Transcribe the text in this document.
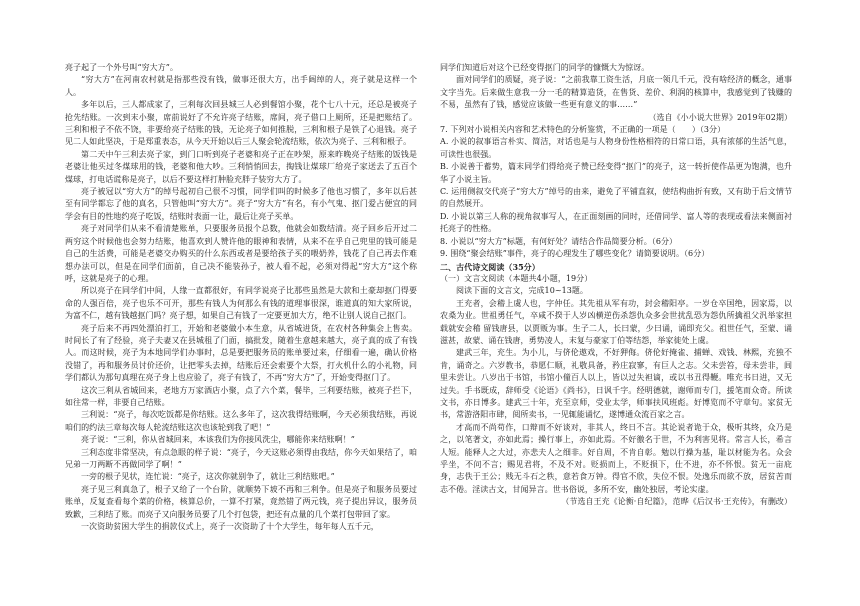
亮子起了一个外号叫“穷大方”。

“穷大方”在河南农村就是指那些没有钱，做事还很大方，出手阔绰的人，亮子就是这样一个人。

多年以后，三人都成家了，三利每次回县城三人必到餐馆小聚，花个七八十元，还总是被亮子抢先结账。一次到末小聚，席前说好了不允许亮子结账，席间，亮子借口上厕所，还是把账结了。三利和根子不依不饶，非要给亮子结账的钱，无论亮子如何推脱，三利和根子是铁了心退钱。亮子见二人如此坚决，于是郑重表态，从今天开始以后三人聚会轮流结账，依次为亮子、三利和根子。

第二天中午三利去亮子家，到门口听到亮子老婆和亮子正在吵架，原来昨晚亮子结账的饭钱是老婆让他买过冬煤球用的钱，老婆和他大吵。三利悄悄回去，掏钱让煤球厂给亮子家送去了五百个煤球，打电话谎称是亮子，以后不要这样打肿脸充胖子装穷大方了。

亮子被冠以“穷大方”的绰号起初自己很不习惯，同学们叫的时候多了他也习惯了，多年以后甚至有同学都忘了他的真名，只管他叫“穷大方”。亮子“穷大方”有名，有小气鬼、抠门爱占便宜的同学会有目的性地约亮子吃饭，结账时表面一让，最后让亮子买单。

亮子对同学们从来不看清楚账单，只要服务员报个总数，他就会如数结清。亮子回乡后开过二两穷这个时候他也会努力结账，他喜欢到人赞许他的眼神和表情，从来不在乎自己兜里的钱可能是自己的生活费，可能是老婆交办购买的什么东西或者是要给孩子买的喂奶养，钱花了自己再去作难想办法可以，但是在同学们面前，自己决不能装孙子，被人看不起，必须对得起“穷大方”这个称呼，这就是亮子的心理。

所以亮子在同学们中间，人缘一直都很好，有同学说亮子比那些虽然是大款和土豪却抠门得要命的人强百倍，亮子也乐不可开，那些有钱人为何那么有钱的道理事很深，谁道真的知大家所说，为富不仁，越有钱越抠门吗？亮子想，如果自己有钱了一定要更加大方，绝不让别人说自己抠门。

亮子后来不再四处漂泊打工，开始和老婆做小本生意，从省城进货，在农村各种集会上售卖。时间长了有了经验，亮子夫妻又在县城租了门面，搞批发，随着生意越来越大，亮子真的成了有钱人。而这时候，亮子为本地同学们办事时，总是要把服务员的账单要过来，仔细看一遍，确认价格没错了，再和服务员讨价还价，让把零头去掉，结账后还会索要个大祭，打火机什么的小礼物，同学们都认为那句真理在亮子身上也应验了，亮子有钱了，不再“穷大方”了，开始变得抠门了。

这次三利从省城回来，老地方万家酒店小聚，点了六个菜，餐毕，三利要结账，被亮子拦下，如往常一样，非要自己结账。

三利说：“亮子，每次吃饭都是你结账。这么多年了，这次我得结账啊，今天必须我结账，再说咱们的约法三章每次每人轮流结账这次也该轮到我了吧！”

亮子说：“三利，你从省城回来，本该我们为你接风洗尘，哪能你来结账啊！”

三利态度非常坚决，有点急眼的样子说：“亮子，今天这账必须得由我结，你今天如果结了，咱兄弟一刀两断不再做同学了啊！”

一旁的根子见状，连忙说：“亮子，这次你就别争了，就让三利结账吧。”

亮子见三利真急了，根子又给了一个台阶，就顺势下坡不再和三利争。但是亮子和服务员要过账单，反复查看每个菜的价格，核算总价，一算不打紧，竟然错了两元钱，亮子提出异议，服务员致歉，三利结了账。而亮子又向服务员要了几个打包袋，把还有点量的几个菜打包带回了家。

一次资助贫困大学生的捐款仪式上，亮子一次资助了十个大学生，每年每人五千元，

同学们知道后对这个已经变得抠门的同学的慷慨大为惊讶。

面对同学们的质疑，亮子说：“之前我靠工资生活，月底一领几千元，没有啥经济的概念，通事文字当先。后来做生意我一分一毛的精算造货，在售货、差价、利润的核算中，我感觉到了钱赚的不易，虽然有了钱，感觉应该做一些更有意义的事……”

（选自《小小说大世界》2019年02期）

7. 下列对小说相关内容和艺术特色的分析鉴赏，不正确的一项是（　　）（3分）

A. 小说的叙事语言朴实、简洁，对话也是与人物身份性格相符的日常口语，具有浓郁的生活气息，可读性也很强。

B. 小说善于蓄势，篇末同学们得给亮子赞已经变得“抠门”的亮子，这一转折使作品更为饱满，也升华了小说主旨。

C. 运用侧叙交代亮子“穷大方”绰号的由来，避免了平铺直叙，使结构曲折有致，又有助于后文情节的自然展开。

D. 小说以第三人称的视角叙事写人，在正面刻画的同时，还借同学、富人等的表现或看法来侧面衬托亮子的性格。

8. 小说以“穷大方”标题，有何好处？请结合作品简要分析。（6分）

9. 围绕“聚会结账”事件，亮子的心理发生了哪些变化？请简要说明。（6分）

二、古代诗文阅读（35分）

（一）文言文阅读（本题共4小题，19分）

阅读下面的文言文，完成10~13题。

王充者，会稽上虞人也，字仲任。其先祖从军有功，封会稽阳亭。一岁仓卒国绝，因家焉，以农桑为业。世祖勇任气，卒咸不揆于人岁凶横逆伤杀怨仇众多会世扰乱恐为怨仇所擒祖父汎举家担载就安会稽 留钱唐县，以贾贩为事。生子二人，长曰蒙，少曰诵，诵即充父。祖世任气，至蒙、诵滋甚，故蒙、诵在钱唐，勇势凌人，末复与豪家丁伯等结怨，举家徙处上虞。

建武三年，充生。为小儿，与侪伦遨戏，不好狎侮。侪伦好掩雀、捕蝉、戏钱、林熙，充独不肯，诵奇之。六岁教书，恭愿仁顺，礼敬具备，矜庄寂寥，有巨人之志。父未尝笞，母未尝非，闾里未尝让。八岁出于书馆，书馆小僮百人以上，皆以过失袒谪，或以书丑得鞭。唯充书日进，又无过失。手书既成，辞师受《论语》《尚书》，日讽千字。经明德就，谢师而专门，援笔而众奇。所读文书，亦日博多。建武三十年，充至京师，受业太学，师事扶风班彪。好博览而不守章句。家贫无书，常游洛阳市肆，阅所卖书，一见辄能诵忆，遂博通众流百家之言。

才高而不尚苟作，口辩而不好谈对，非其人，终日不言。其论说者诡于众，极听其终，众乃是之，以笔著文，亦如此焉；操行事上，亦如此焉。不好徼名于世，不为利害见将。常言人长，希言人短。能释人之大过，亦悲夫人之细非。好自周，不肯自彰。勉以行操为基，耻以材能为名。众会乎坐，不问不言；赐见君将，不及不对。贬损而上，不贬损下，仕不进，亦不怀恨。贫无一亩庇身，志佚于王公；贱无斗石之秩，意若食万钟。得官不欣，失位不恨。处逸乐而欲不放，居贫苦而志不倦。淫读古文，甘闻异言。世书俗说，多所不安，幽处独居，考论实虚。

（节选自王充《论衡·自纪篇》，范晔《后汉书·王充传》，有删改）
